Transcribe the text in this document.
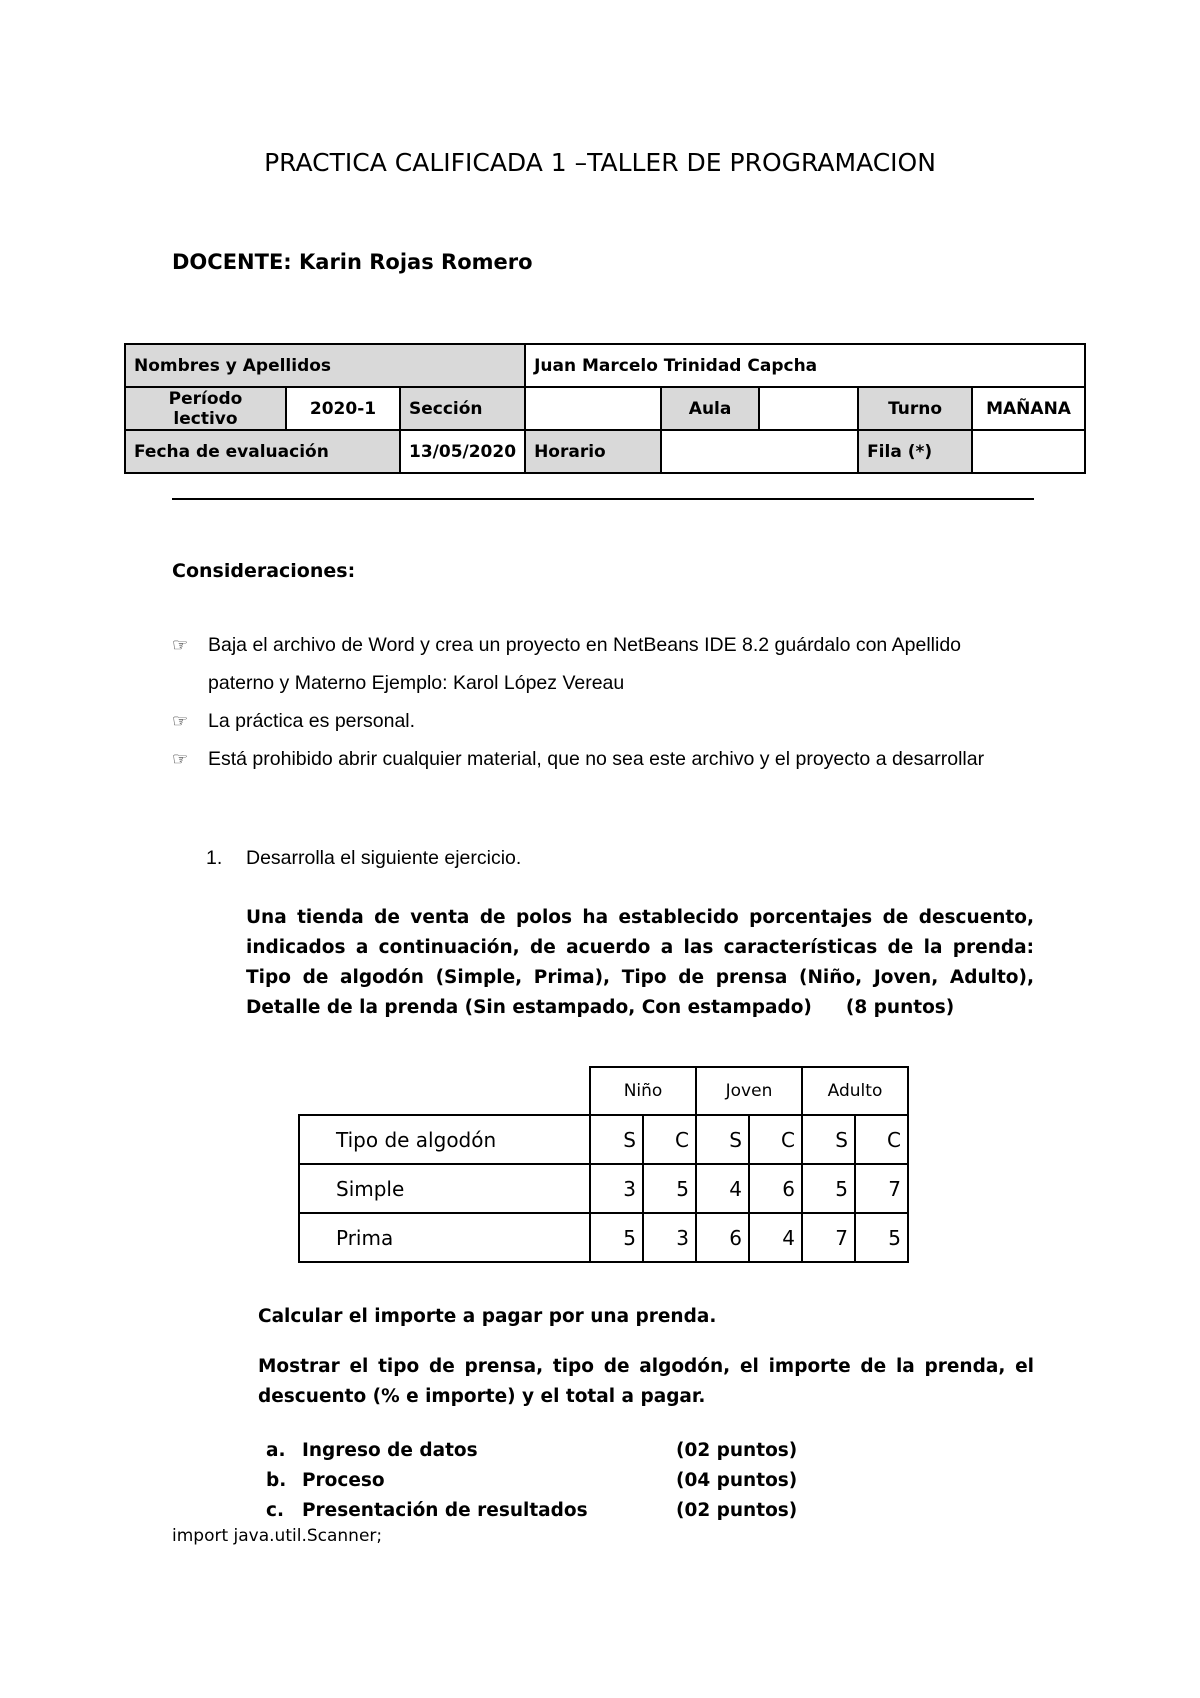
PRACTICA CALIFICADA 1 –TALLER DE PROGRAMACION
DOCENTE: Karin Rojas Romero
Nombres y Apellidos			Juan Marcelo Trinidad Capcha				
Período lectivo	2020-1	Sección		Aula		Turno	MAÑANA
Fecha de evaluación		13/05/2020	Horario			Fila (*)	
Consideraciones:
☞ Baja el archivo de Word y crea un proyecto en NetBeans IDE 8.2 guárdalo con Apellido paterno y Materno Ejemplo: Karol López Vereau
☞ La práctica es personal.
☞ Está prohibido abrir cualquier material, que no sea este archivo y el proyecto a desarrollar
1. Desarrolla el siguiente ejercicio.
Una tienda de venta de polos ha establecido porcentajes de descuento, indicados a continuación, de acuerdo a las características de la prenda: Tipo de algodón (Simple, Prima), Tipo de prensa (Niño, Joven, Adulto), Detalle de la prenda (Sin estampado, Con estampado) (8 puntos)
	Niño		Joven		Adulto	
Tipo de algodón	S	C	S	C	S	C
Simple	3	5	4	6	5	7
Prima	5	3	6	4	7	5
Calcular el importe a pagar por una prenda.
Mostrar el tipo de prensa, tipo de algodón, el importe de la prenda, el descuento (% e importe) y el total a pagar.
a. Ingreso de datos	(02 puntos)
b. Proceso	(04 puntos)
c. Presentación de resultados	(02 puntos)
import java.util.Scanner;
